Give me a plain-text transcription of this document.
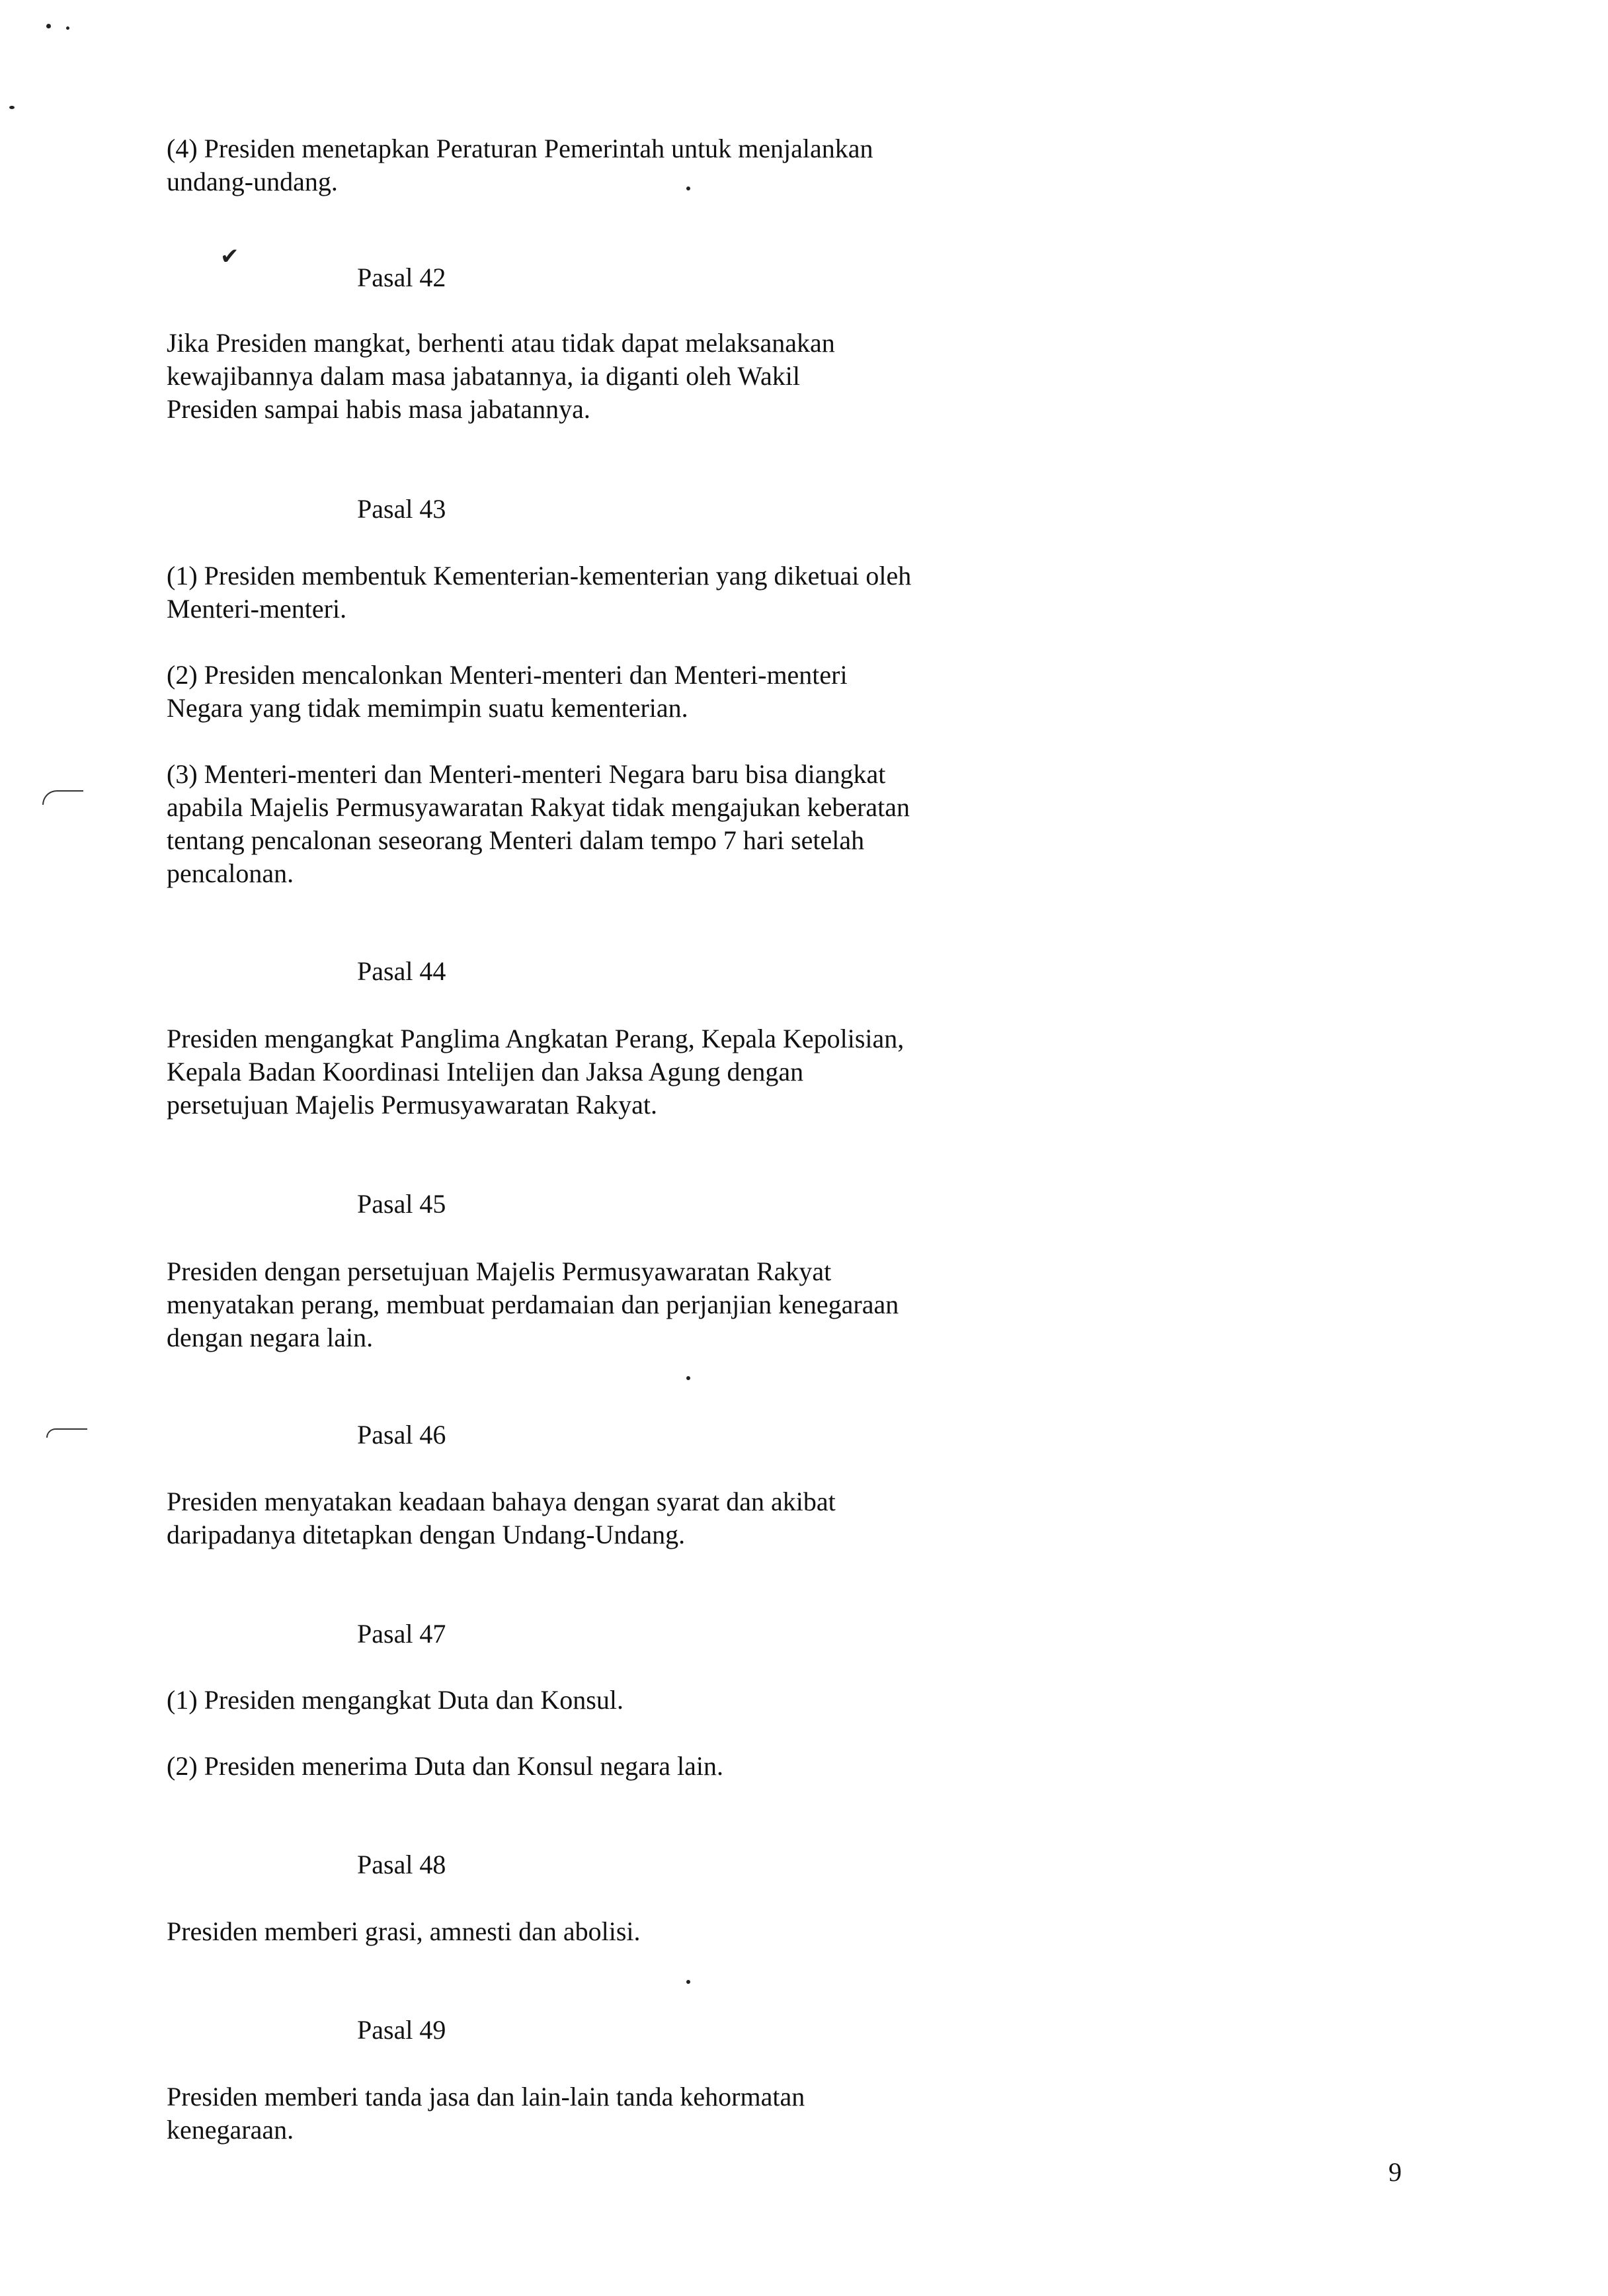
✔
(4) Presiden menetapkan Peraturan Pemerintah untuk menjalankan
undang-undang.
Pasal 42
Jika Presiden mangkat, berhenti atau tidak dapat melaksanakan
kewajibannya dalam masa jabatannya, ia diganti oleh Wakil
Presiden sampai habis masa jabatannya.
Pasal 43
(1) Presiden membentuk Kementerian-kementerian yang diketuai oleh
Menteri-menteri.
(2) Presiden mencalonkan Menteri-menteri dan Menteri-menteri
Negara yang tidak memimpin suatu kementerian.
(3) Menteri-menteri dan Menteri-menteri Negara baru bisa diangkat
apabila Majelis Permusyawaratan Rakyat tidak mengajukan keberatan
tentang pencalonan seseorang Menteri dalam tempo 7 hari setelah
pencalonan.
Pasal 44
Presiden mengangkat Panglima Angkatan Perang, Kepala Kepolisian,
Kepala Badan Koordinasi Intelijen dan Jaksa Agung dengan
persetujuan Majelis Permusyawaratan Rakyat.
Pasal 45
Presiden dengan persetujuan Majelis Permusyawaratan Rakyat
menyatakan perang, membuat perdamaian dan perjanjian kenegaraan
dengan negara lain.
Pasal 46
Presiden menyatakan keadaan bahaya dengan syarat dan akibat
daripadanya ditetapkan dengan Undang-Undang.
Pasal 47
(1) Presiden mengangkat Duta dan Konsul.
(2) Presiden menerima Duta dan Konsul negara lain.
Pasal 48
Presiden memberi grasi, amnesti dan abolisi.
Pasal 49
Presiden memberi tanda jasa dan lain-lain tanda kehormatan
kenegaraan.
9
